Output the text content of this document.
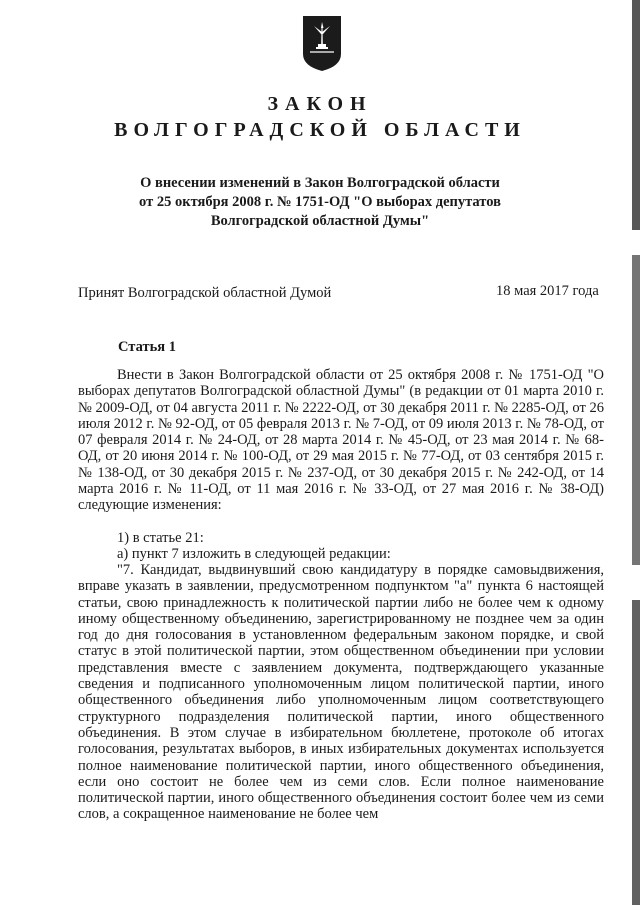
ЗАКОН
ВОЛГОГРАДСКОЙ ОБЛАСТИ
О внесении изменений в Закон Волгоградской области
от 25 октября 2008 г. № 1751-ОД "О выборах депутатов
Волгоградской областной Думы"
Принят Волгоградской областной Думой	18 мая 2017 года
Статья 1
Внести в Закон Волгоградской области от 25 октября 2008 г. № 1751-ОД "О выборах депутатов Волгоградской областной Думы" (в редакции от 01 марта 2010 г. № 2009-ОД, от 04 августа 2011 г. № 2222-ОД, от 30 декабря 2011 г. № 2285-ОД, от 26 июля 2012 г. № 92-ОД, от 05 февраля 2013 г. № 7-ОД, от 09 июля 2013 г. № 78-ОД, от 07 февраля 2014 г. № 24-ОД, от 28 марта 2014 г. № 45-ОД, от 23 мая 2014 г. № 68-ОД, от 20 июня 2014 г. № 100-ОД, от 29 мая 2015 г. № 77-ОД, от 03 сентября 2015 г. № 138-ОД, от 30 декабря 2015 г. № 237-ОД, от 30 декабря 2015 г. № 242-ОД, от 14 марта 2016 г. № 11-ОД, от 11 мая 2016 г. № 33-ОД, от 27 мая 2016 г. № 38-ОД) следующие изменения:
1) в статье 21:
а) пункт 7 изложить в следующей редакции:
"7. Кандидат, выдвинувший свою кандидатуру в порядке самовыдвижения, вправе указать в заявлении, предусмотренном подпунктом "а" пункта 6 настоящей статьи, свою принадлежность к политической партии либо не более чем к одному иному общественному объединению, зарегистрированному не позднее чем за один год до дня голосования в установленном федеральным законом порядке, и свой статус в этой политической партии, этом общественном объединении при условии представления вместе с заявлением документа, подтверждающего указанные сведения и подписанного уполномоченным лицом политической партии, иного общественного объединения либо уполномоченным лицом соответствующего структурного подразделения политической партии, иного общественного объединения. В этом случае в избирательном бюллетене, протоколе об итогах голосования, результатах выборов, в иных избирательных документах используется полное наименование политической партии, иного общественного объединения, если оно состоит не более чем из семи слов. Если полное наименование политической партии, иного общественного объединения состоит более чем из семи слов, а сокращенное наименование не более чем
